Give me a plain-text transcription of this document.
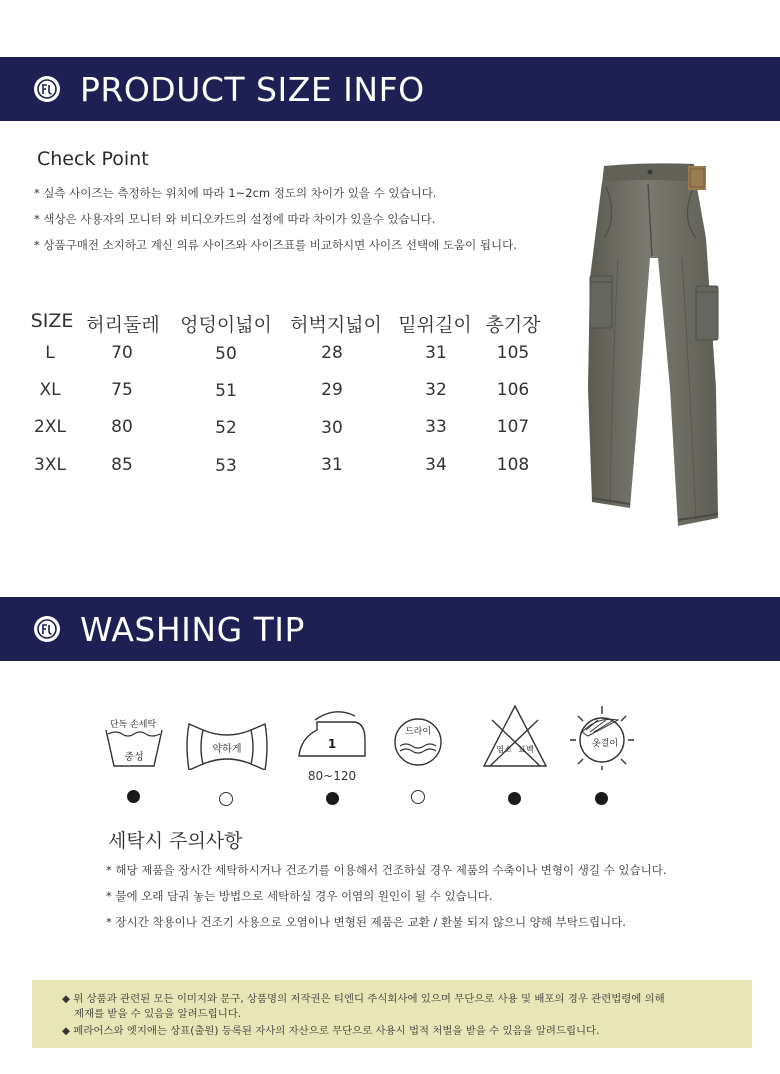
PRODUCT SIZE INFO
Check Point
* 실측 사이즈는 측정하는 위치에 따라 1~2cm 정도의 차이가 있을 수 있습니다.
* 색상은 사용자의 모니터 와 비디오카드의 설정에 따라 차이가 있을수 있습니다.
* 상품구매전 소지하고 계신 의류 사이즈와 사이즈표를 비교하시면 사이즈 선택에 도움이 됩니다.
SIZE 허리둘레 엉덩이넓이 허벅지넓이 밑위길이 총기장
L	70	50	28	31	105
XL	75	51	29	32	106
2XL	80	52	30	33	107
3XL	85	53	31	34	108
WASHING TIP
단독 손세탁
중성
약하게	1
80~120
드라이
염소 표백
옷걸이
세탁시 주의사항
* 해당 제품을 장시간 세탁하시거나 건조기를 이용해서 건조하실 경우 제품의 수축이나 변형이 생길 수 있습니다.
* 물에 오래 담궈 놓는 방법으로 세탁하실 경우 이염의 원인이 될 수 있습니다.
* 장시간 착용이나 건조기 사용으로 오염이나 변형된 제품은 교환 / 환불 되지 않으니 양해 부탁드립니다.
◆ 위 상품과 관련된 모든 이미지와 문구, 상품명의 저작권은 티엔디 주식회사에 있으며 무단으로 사용 및 배포의 경우 관련법령에 의해
제재를 받을 수 있음을 알려드립니다.
◆ 페라어스와 엣지애는 상표(출원) 등록된 자사의 자산으로 무단으로 사용시 법적 처벌을 받을 수 있음을 알려드립니다.
